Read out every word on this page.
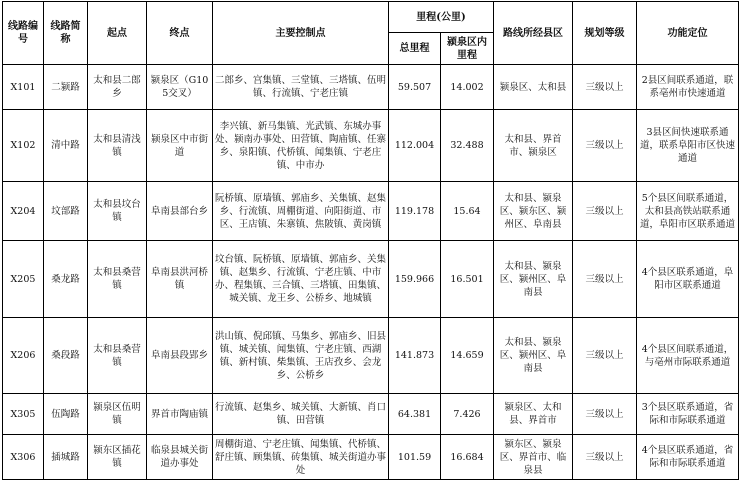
线路编号	线路简称	起点	终点	主要控制点	里程(公里)		路线所经县区	规划等级	功能定位
					总里程	颍泉区内里程			
X101	二颍路	太和县二郎乡	颍泉区（G105交叉）	二郎乡、宫集镇、三堂镇、三塔镇、伍明镇、行流镇、宁老庄镇	59.507	14.002	颍泉区、太和县	三级以上	2县区间联系通道，联系亳州市快速通道
X102	清中路	太和县清浅镇	颍泉区中市街道	李兴镇、新马集镇、光武镇、东城办事处、颍南办事处、田营镇、陶庙镇、任寨乡、泉阳镇、代桥镇、闻集镇、宁老庄镇、中市办	112.004	32.488	太和县、界首市、颍泉区	三级以上	3县区间快速联系通道，联系阜阳市区快速通道
X204	坟部路	太和县坟台镇	阜南县部台乡	阮桥镇、原墙镇、郭庙乡、关集镇、赵集乡、行流镇、周棚街道、向阳街道、市区、王店镇、朱寨镇、焦陂镇、黄岗镇	119.178	15.64	太和县、颍泉区、颍东区、颍州区、阜南县	三级以上	5个县区间联系通道，太和县高铁站联系通道，阜阳市区联系通道
X205	桑龙路	太和县桑营镇	阜南县洪河桥镇	坟台镇、阮桥镇、原墙镇、郭庙乡、关集镇、赵集乡、行流镇、宁老庄镇、中市办、程集镇、三合镇、三塔镇、田集镇、城关镇、龙王乡、公桥乡、地城镇	159.966	16.501	太和县、颍泉区、颍州区、阜南县	三级以上	4个县区联系通道，阜阳市区联系通道
X206	桑段路	太和县桑营镇	阜南县段郢乡	洪山镇、倪邱镇、马集乡、郭庙乡、旧县镇、城关镇、闻集镇、宁老庄镇、西湖镇、新村镇、柴集镇、王店孜乡、会龙乡、公桥乡	141.873	14.659	太和县、颍泉区、颍州区、阜南县	三级以上	4个县区间联系通道，与亳州市际联系通道
X305	伍陶路	颍泉区伍明镇	界首市陶庙镇	行流镇、赵集乡、城关镇、大新镇、肖口镇、田营镇	64.381	7.426	颍泉区、太和县、界首市	三级以上	3个县区联系通道，省际和市际联系通道
X306	插城路	颍东区插花镇	临泉县城关街道办事处	周棚街道、宁老庄镇、闻集镇、代桥镇、舒庄镇、顾集镇、砖集镇、城关街道办事处	101.59	16.684	颍东区、颍泉区、界首市、临泉县	三级以上	4个县区联系通道，省际和市际联系通道
